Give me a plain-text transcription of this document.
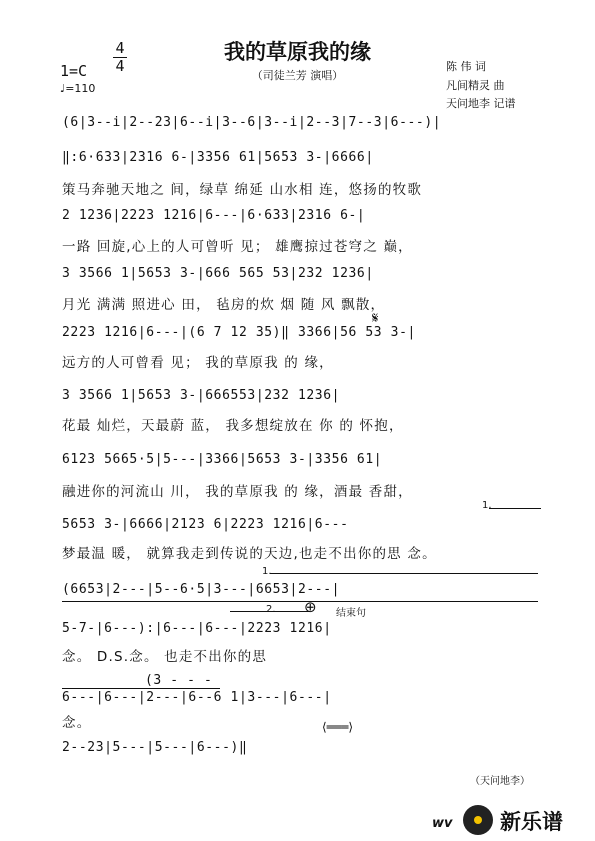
我的草原我的缘
（司徒兰芳 演唱）
1=C
4
4
♩=110
陈 伟 词
凡间精灵 曲
天问地李 记谱
(6|3--i|2--23|6--i|3--6|3--i|2--3|7--3|6---)|
‖:6·633|2316 6-|3356 61|5653 3-|6666|
策马奔驰天地之 间，绿草 绵延 山水相 连，悠扬的牧歌
2 1236|2223 1216|6---|6·633|2316 6-|
一路 回旋,心上的人可曾听 见； 雄鹰掠过苍穹之 巅，
3 3566 1|5653 3-|666 565 53|232 1236|
月光 满满 照进心 田， 毡房的炊 烟 随 风 飘散，
𝄋
2223 1216|6---|(6 7 12 35)‖ 3366|56 53 3-|
远方的人可曾看 见； 我的草原我 的 缘，
3 3566 1|5653 3-|666553|232 1236|
花最 灿烂，天最蔚 蓝， 我多想绽放在 你 的 怀抱，
6123 5665·5|5---|3366|5653 3-|3356 61|
融进你的河流山 川， 我的草原我 的 缘，酒最 香甜，
1.
5653 3-|6666|2123 6|2223 1216|6---
梦最温 暖， 就算我走到传说的天边,也走不出你的思 念。
1.
(6653|2---|5--6·5|3---|6653|2---|
2. ⊕ 结束句
5-7-|6---):|6---|6---|2223 1216|
念。 D.S.念。 也走不出你的思
(3 - - -
6---|6---|2---|6--6 1|3---|6---|
念。	⟨═══⟩
2--23|5---|5---|6---)‖
（天问地李）
wv 新乐谱
